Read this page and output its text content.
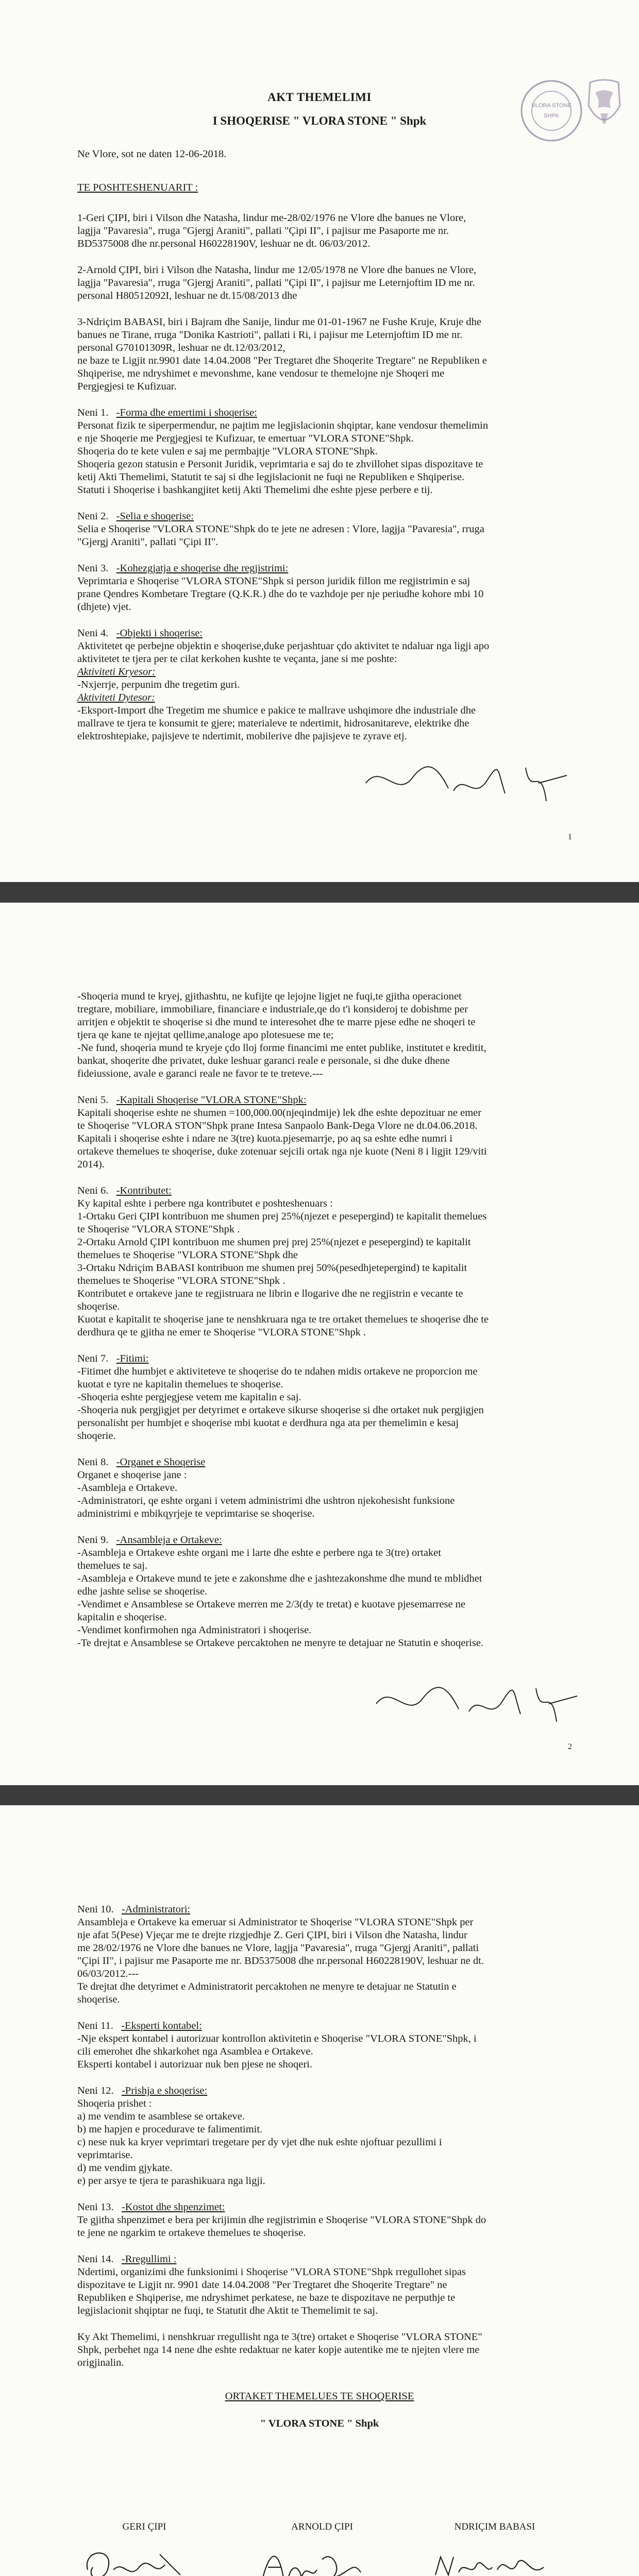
VLORA STONE
SHPK
AKT THEMELIMI
I SHOQERISE " VLORA STONE " Shpk
Ne Vlore, sot ne daten 12-06-2018.
TE POSHTESHENUARIT :
1-Geri ÇIPI, biri i Vilson dhe Natasha, lindur me-28/02/1976 ne Vlore dhe banues ne Vlore,
lagjja "Pavaresia", rruga "Gjergj Araniti", pallati "Çipi II", i pajisur me Pasaporte me nr.
BD5375008 dhe nr.personal H60228190V, leshuar ne dt. 06/03/2012.
2-Arnold ÇIPI, biri i Vilson dhe Natasha, lindur me 12/05/1978 ne Vlore dhe banues ne Vlore,
lagjja "Pavaresia", rruga "Gjergj Araniti", pallati "Çipi II", i pajisur me Leternjoftim ID me nr.
personal H80512092I, leshuar ne dt.15/08/2013 dhe
3-Ndriçim BABASI, biri i Bajram dhe Sanije, lindur me 01-01-1967 ne Fushe Kruje, Kruje dhe
banues ne Tirane, rruga "Donika Kastrioti", pallati i Ri, i pajisur me Leternjoftim ID me nr.
personal G70101309R, leshuar ne dt.12/03/2012,
ne baze te Ligjit nr.9901 date 14.04.2008 "Per Tregtaret dhe Shoqerite Tregtare" ne Republiken e
Shqiperise, me ndryshimet e mevonshme, kane vendosur te themelojne nje Shoqeri me
Pergjegjesi te Kufizuar.
Neni 1. -Forma dhe emertimi i shoqerise:
Personat fizik te siperpermendur, ne pajtim me legjislacionin shqiptar, kane vendosur themelimin
e nje Shoqerie me Pergjegjesi te Kufizuar, te emertuar "VLORA STONE"Shpk.
Shoqeria do te kete vulen e saj me permbajtje "VLORA STONE"Shpk.
Shoqeria gezon statusin e Personit Juridik, veprimtaria e saj do te zhvillohet sipas dispozitave te
ketij Akti Themelimi, Statutit te saj si dhe legjislacionit ne fuqi ne Republiken e Shqiperise.
Statuti i Shoqerise i bashkangjitet ketij Akti Themelimi dhe eshte pjese perbere e tij.
Neni 2. -Selia e shoqerise:
Selia e Shoqerise "VLORA STONE"Shpk do te jete ne adresen : Vlore, lagjja "Pavaresia", rruga
"Gjergj Araniti", pallati "Çipi II".
Neni 3. -Kohezgjatja e shoqerise dhe regjistrimi:
Veprimtaria e Shoqerise "VLORA STONE"Shpk si person juridik fillon me regjistrimin e saj
prane Qendres Kombetare Tregtare (Q.K.R.) dhe do te vazhdoje per nje periudhe kohore mbi 10
(dhjete) vjet.
Neni 4. -Objekti i shoqerise:
Aktivitetet qe perbejne objektin e shoqerise,duke perjashtuar çdo aktivitet te ndaluar nga ligji apo
aktivitetet te tjera per te cilat kerkohen kushte te veçanta, jane si me poshte:
Aktiviteti Kryesor:
-Nxjerrje, perpunim dhe tregetim guri.
Aktiviteti Dytesor:
-Eksport-Import dhe Tregetim me shumice e pakice te mallrave ushqimore dhe industriale dhe
mallrave te tjera te konsumit te gjere; materialeve te ndertimit, hidrosanitareve, elektrike dhe
elektroshtepiake, pajisjeve te ndertimit, mobilerive dhe pajisjeve te zyrave etj.
1
-Shoqeria mund te kryej, gjithashtu, ne kufijte qe lejojne ligjet ne fuqi,te gjitha operacionet
tregtare, mobiliare, immobiliare, financiare e industriale,qe do t'i konsideroj te dobishme per
arritjen e objektit te shoqerise si dhe mund te interesohet dhe te marre pjese edhe ne shoqeri te
tjera qe kane te njejtat qellime,analoge apo plotesuese me te;
-Ne fund, shoqeria mund te kryeje çdo lloj forme financimi me entet publike, institutet e kreditit,
bankat, shoqerite dhe privatet, duke leshuar garanci reale e personale, si dhe duke dhene
fideiussione, avale e garanci reale ne favor te te treteve.---
Neni 5. -Kapitali Shoqerise "VLORA STONE"Shpk:
Kapitali shoqerise eshte ne shumen =100,000.00(njeqindmije) lek dhe eshte depozituar ne emer
te Shoqerise "VLORA STON"Shpk prane Intesa Sanpaolo Bank-Dega Vlore ne dt.04.06.2018.
Kapitali i shoqerise eshte i ndare ne 3(tre) kuota.pjesemarrje, po aq sa eshte edhe numri i
ortakeve themelues te shoqerise, duke zotenuar sejcili ortak nga nje kuote (Neni 8 i ligjit 129/viti
2014).
Neni 6. -Kontributet:
Ky kapital eshte i perbere nga kontributet e poshteshenuars :
1-Ortaku Geri ÇIPI kontribuon me shumen prej 25%(njezet e pesepergind) te kapitalit themelues
te Shoqerise "VLORA STONE"Shpk .
2-Ortaku Arnold ÇIPI kontribuon me shumen prej prej 25%(njezet e pesepergind) te kapitalit
themelues te Shoqerise "VLORA STONE"Shpk dhe
3-Ortaku Ndriçim BABASI kontribuon me shumen prej 50%(pesedhjetepergind) te kapitalit
themelues te Shoqerise "VLORA STONE"Shpk .
Kontributet e ortakeve jane te regjistruara ne librin e llogarive dhe ne regjistrin e vecante te
shoqerise.
Kuotat e kapitalit te shoqerise jane te nenshkruara nga te tre ortaket themelues te shoqerise dhe te
derdhura qe te gjitha ne emer te Shoqerise "VLORA STONE"Shpk .
Neni 7. -Fitimi:
-Fitimet dhe humbjet e aktiviteteve te shoqerise do te ndahen midis ortakeve ne proporcion me
kuotat e tyre ne kapitalin themelues te shoqerise.
-Shoqeria eshte pergjegjese vetem me kapitalin e saj.
-Shoqeria nuk pergjigjet per detyrimet e ortakeve sikurse shoqerise si dhe ortaket nuk pergjigjen
personalisht per humbjet e shoqerise mbi kuotat e derdhura nga ata per themelimin e kesaj
shoqerie.
Neni 8. -Organet e Shoqerise
Organet e shoqerise jane :
-Asambleja e Ortakeve.
-Administratori, qe eshte organi i vetem administrimi dhe ushtron njekohesisht funksione
administrimi e mbikqyrjeje te veprimtarise se shoqerise.
Neni 9. -Ansambleja e Ortakeve:
-Asambleja e Ortakeve eshte organi me i larte dhe eshte e perbere nga te 3(tre) ortaket
themelues te saj.
-Asambleja e Ortakeve mund te jete e zakonshme dhe e jashtezakonshme dhe mund te mblidhet
edhe jashte selise se shoqerise.
-Vendimet e Ansamblese se Ortakeve merren me 2/3(dy te tretat) e kuotave pjesemarrese ne
kapitalin e shoqerise.
-Vendimet konfirmohen nga Administratori i shoqerise.
-Te drejtat e Ansamblese se Ortakeve percaktohen ne menyre te detajuar ne Statutin e shoqerise.
2
Neni 10. -Administratori:
Ansambleja e Ortakeve ka emeruar si Administrator te Shoqerise "VLORA STONE"Shpk per
nje afat 5(Pese) Vjeçar me te drejte rizgjedhje Z. Geri ÇIPI, biri i Vilson dhe Natasha, lindur
me 28/02/1976 ne Vlore dhe banues ne Vlore, lagjja "Pavaresia", rruga "Gjergj Araniti", pallati
"Çipi II", i pajisur me Pasaporte me nr. BD5375008 dhe nr.personal H60228190V, leshuar ne dt.
06/03/2012.---
Te drejtat dhe detyrimet e Administratorit percaktohen ne menyre te detajuar ne Statutin e
shoqerise.
Neni 11. -Eksperti kontabel:
-Nje ekspert kontabel i autorizuar kontrollon aktivitetin e Shoqerise "VLORA STONE"Shpk, i
cili emerohet dhe shkarkohet nga Asamblea e Ortakeve.
Eksperti kontabel i autorizuar nuk ben pjese ne shoqeri.
Neni 12. -Prishja e shoqerise:
Shoqeria prishet :
a) me vendim te asamblese se ortakeve.
b) me hapjen e procedurave te falimentimit.
c) nese nuk ka kryer veprimtari tregetare per dy vjet dhe nuk eshte njoftuar pezullimi i
veprimtarise.
d) me vendim gjykate.
e) per arsye te tjera te parashikuara nga ligji.
Neni 13. -Kostot dhe shpenzimet:
Te gjitha shpenzimet e bera per krijimin dhe regjistrimin e Shoqerise "VLORA STONE"Shpk do
te jene ne ngarkim te ortakeve themelues te shoqerise.
Neni 14. -Rregullimi :
Ndertimi, organizimi dhe funksionimi i Shoqerise "VLORA STONE"Shpk rregullohet sipas
dispozitave te Ligjit nr. 9901 date 14.04.2008 "Per Tregtaret dhe Shoqerite Tregtare" ne
Republiken e Shqiperise, me ndryshimet perkatese, ne baze te dispozitave ne perputhje te
legjislacionit shqiptar ne fuqi, te Statutit dhe Aktit te Themelimit te saj.
Ky Akt Themelimi, i nenshkruar rregullisht nga te 3(tre) ortaket e Shoqerise "VLORA STONE"
Shpk, perbehet nga 14 nene dhe eshte redaktuar ne kater kopje autentike me te njejten vlere me
origjinalin.
ORTAKET THEMELUES TE SHOQERISE
" VLORA STONE " Shpk
GERI ÇIPI	ARNOLD ÇIPI	NDRIÇIM BABASI
